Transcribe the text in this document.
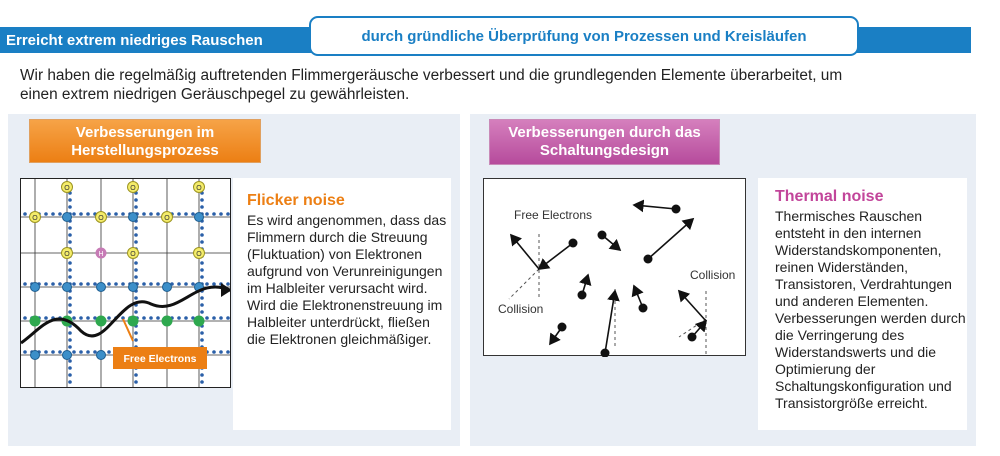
Erreicht extrem niedriges Rauschen	durch gründliche Überprüfung von Prozessen und Kreisläufen
Wir haben die regelmäßig auftretenden Flimmergeräusche verbessert und die grundlegenden Elemente überarbeitet, um
einen extrem niedrigen Geräuschpegel zu gewährleisten.
Verbesserungen im
Herstellungsprozess
O	O	O
O	O	O
O	O	O
H
Free Electrons
Flicker noise
Es wird angenommen, dass das Flimmern durch die Streuung (Fluktuation) von Elektronen aufgrund von Verunreinigungen im Halbleiter verursacht wird. Wird die Elektronenstreuung im Halbleiter unterdrückt, fließen die Elektronen gleichmäßiger.
Verbesserungen durch das
Schaltungsdesign
Free Electrons
Collision
Collision
Thermal noise
Thermisches Rauschen entsteht in den internen Widerstandskomponenten, reinen Widerständen, Transistoren, Verdrahtungen und anderen Elementen. Verbesserungen werden durch die Verringerung des Widerstandswerts und die Optimierung der Schaltungskonfiguration und Transistorgröße erreicht.
